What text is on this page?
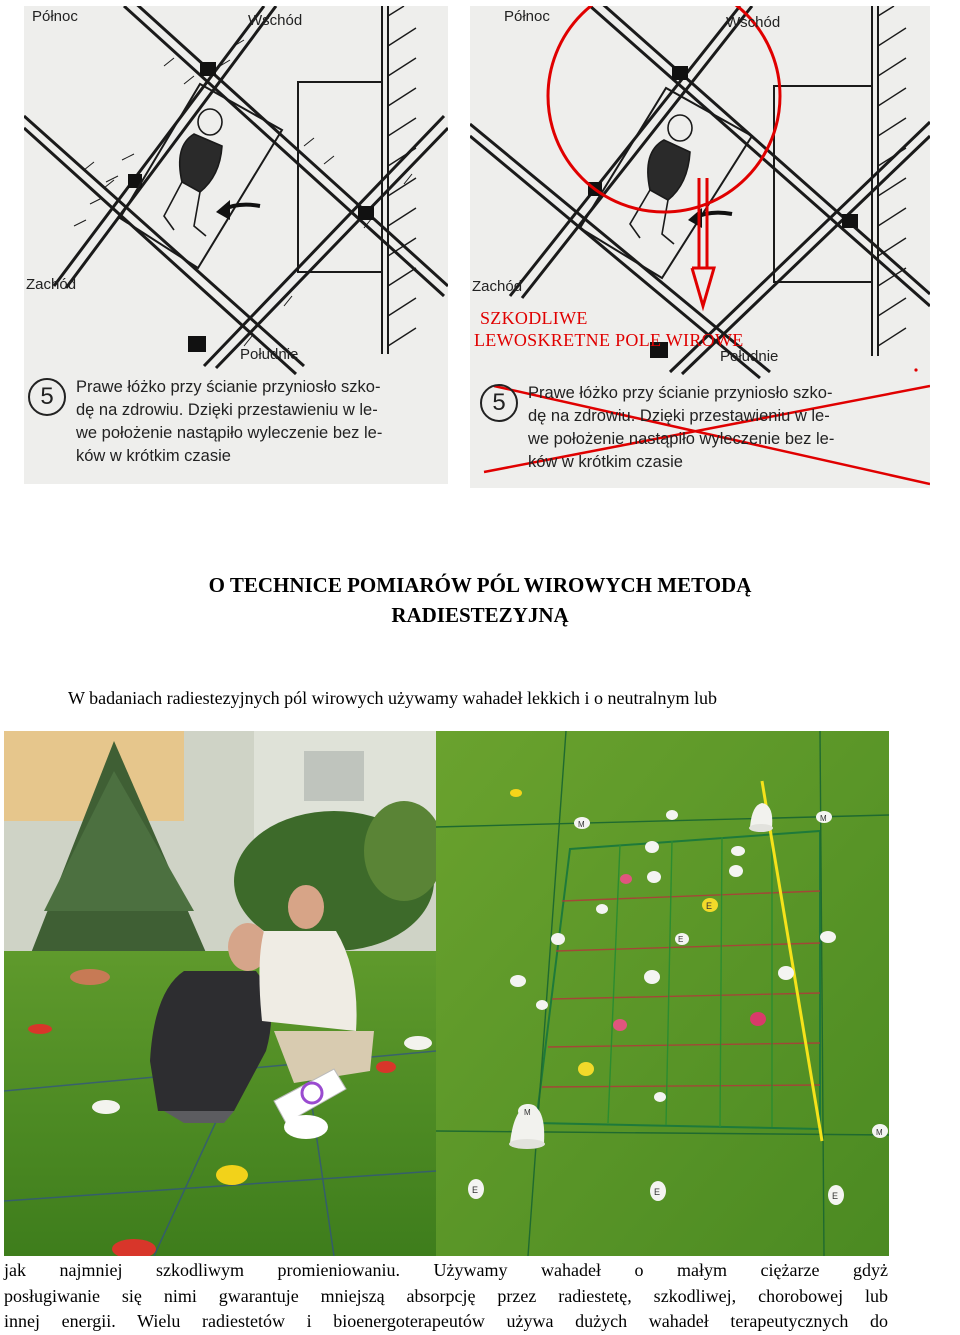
Północ	Wschód
Zachód
Południe
5	Prawe łóżko przy ścianie przyniosło szko-
dę na zdrowiu. Dzięki przestawieniu w le-
we położenie nastąpiło wyleczenie bez le-
ków w krótkim czasie
Północ	Wschód
Zachód
Południe
SZKODLIWE
LEWOSKRETNE POLE WIROWE
5	Prawe łóżko przy ścianie przyniosło szko-
dę na zdrowiu. Dzięki przestawieniu w le-
we położenie nastąpiło wyleczenie bez le-
ków w krótkim czasie
O TECHNICE POMIARÓW PÓL WIROWYCH METODĄ
RADIESTEZYJNĄ
W badaniach radiestezyjnych pól wirowych używamy wahadeł lekkich i o neutralnym lub
M
M
E
E
E	E	E
M
M
jak najmniej szkodliwym promieniowaniu. Używamy wahadeł o małym ciężarze gdyż
posługiwanie się nimi gwarantuje mniejszą absorpcję przez radiestetę, szkodliwej, chorobowej lub
innej energii. Wielu radiestetów i bioenergoterapeutów używa dużych wahadeł terapeutycznych do
